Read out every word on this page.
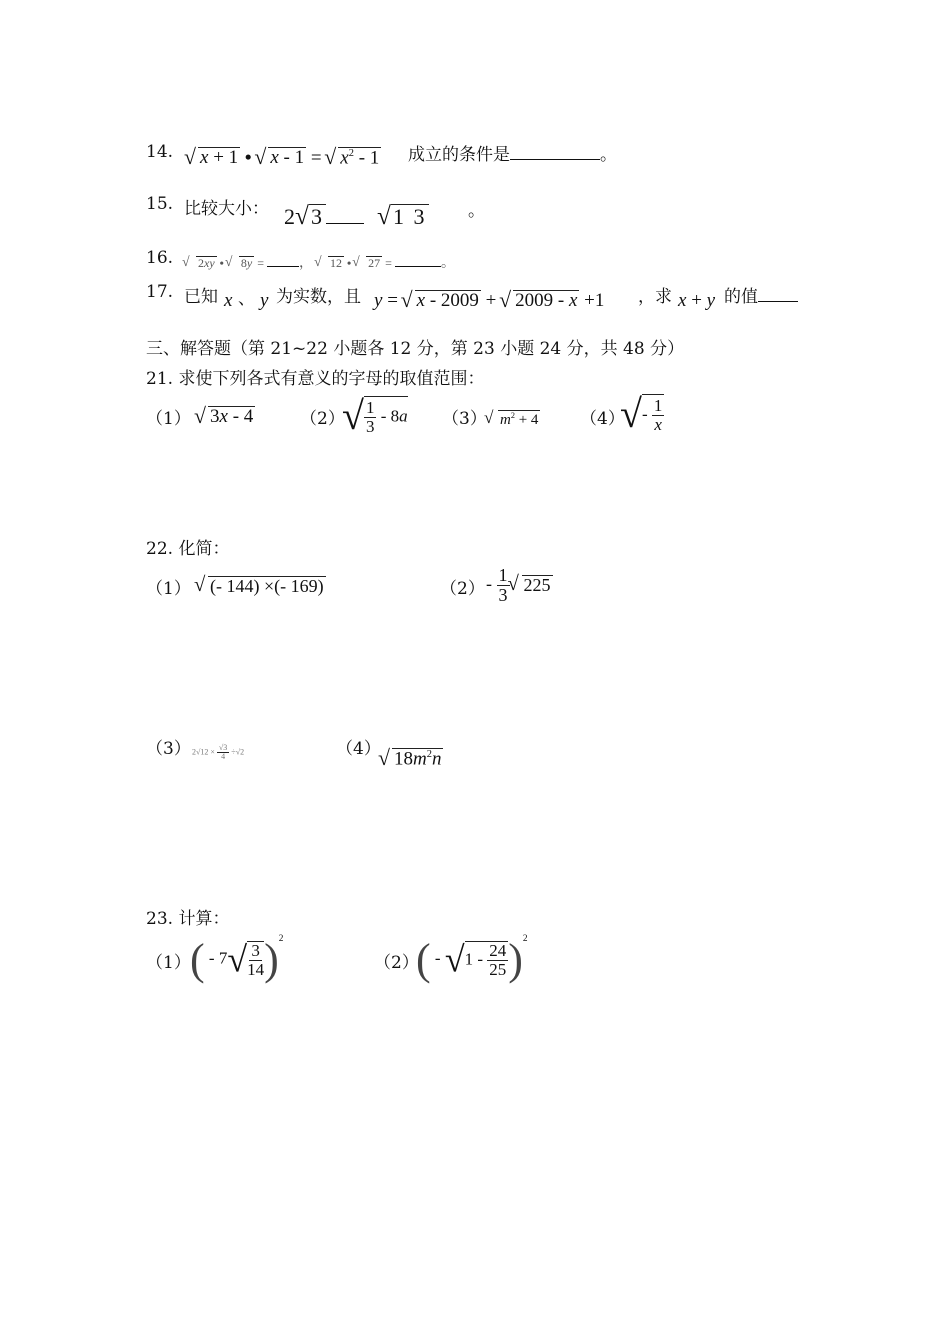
14.	√ x + 1 • √ x - 1 = √ $x^2 - 1$ 成立的条件是	。
15. 比较大小： 2 √ 3	√ 1 3 。
16.	√ 2xy • √ 8y = ， √ 12 • √ 27 =	。
17. 已知 x 、 y 为实数，且 y = √ x - 2009 + √ 2009 - x +1 ，求 x + y 的值
三、解答题（第 21~22 小题各 12 分，第 23 小题 24 分，共 48 分）
21. 求使下列各式有意义的字母的取值范围：
（1）	√ 3x - 4	（2）
√ $\frac{1}{3} - 8a$ （3） √ $m^2 + 4$ （4）
√- $\frac{1}{x}$
22. 化简：
（1）	√ (- 144) ×(- 169)	$(2) - \frac{1}{3}$ √ 225
（3） $2√12 \times \frac{√3}{4} \div√2$	（4） √ $18m^2n$
23. 计算：
（1） ( - $7√ \frac{3}{14} )^2$
（2）
( - $√1 - \frac{24}{25} )^2$
